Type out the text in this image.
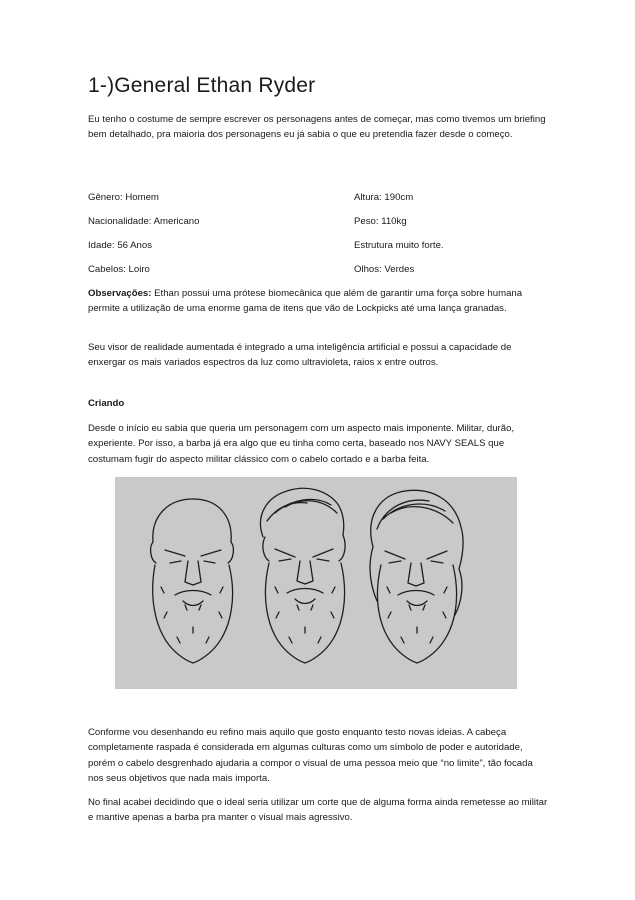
1-)General Ethan Ryder

Eu tenho o costume de sempre escrever os personagens antes de começar, mas como tivemos um briefing bem detalhado, pra maioria dos personagens eu já sabia o que eu pretendia fazer desde o começo.

Gênero: Homem	Altura: 190cm
Nacionalidade: Americano	Peso: 110kg
Idade: 56 Anos	Estrutura muito forte.
Cabelos: Loiro	Olhos: Verdes

Observações: Ethan possui uma prótese biomecânica que além de garantir uma força sobre humana permite a utilização de uma enorme gama de itens que vão de Lockpicks até uma lança granadas.

Seu visor de realidade aumentada é integrado a uma inteligência artificial e possui a capacidade de enxergar os mais variados espectros da luz como ultravioleta, raios x entre outros.

Criando

Desde o início eu sabia que queria um personagem com um aspecto mais imponente. Militar, durão, experiente. Por isso, a barba já era algo que eu tinha como certa, baseado nos NAVY SEALS que costumam fugir do aspecto militar clássico com o cabelo cortado e a barba feita.

Conforme vou desenhando eu refino mais aquilo que gosto enquanto testo novas ideias. A cabeça completamente raspada é considerada em algumas culturas como um símbolo de poder e autoridade, porém o cabelo desgrenhado ajudaria a compor o visual de uma pessoa meio que “no limite”, tão focada nos seus objetivos que nada mais importa.

No final acabei decidindo que o ideal seria utilizar um corte que de alguma forma ainda remetesse ao militar e mantive apenas a barba pra manter o visual mais agressivo.
